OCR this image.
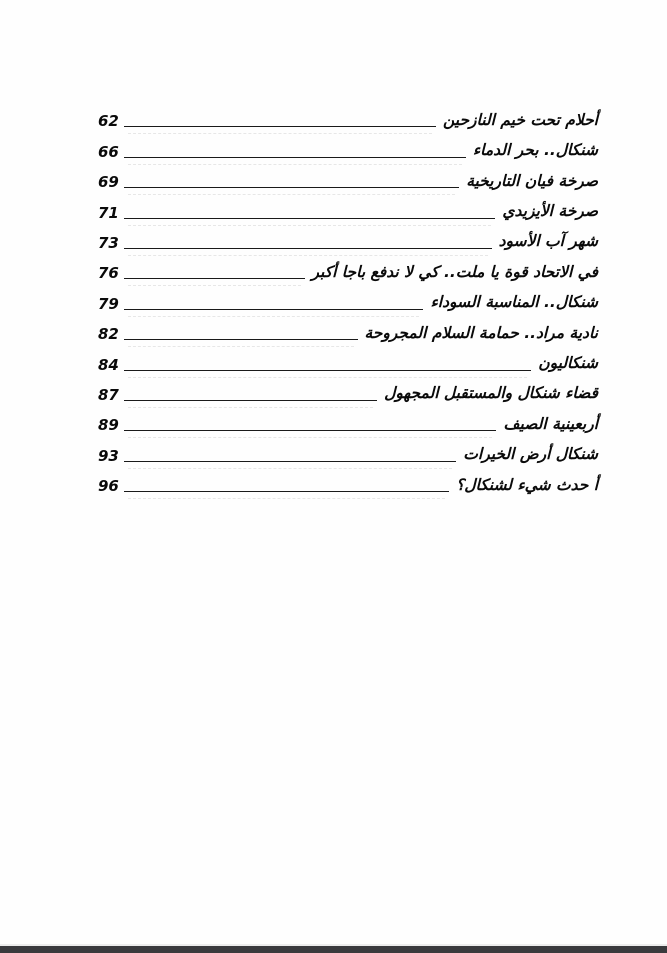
أحلام تحت خيم النازحين
62
شنكال.. بحر الدماء
66
صرخة فيان التاريخية
69
صرخة الأيزيدي
71
شهر آب الأسود
73
في الاتحاد قوة يا ملت.. كي لا ندفع باجا أكبر
76
شنكال.. المناسبة السوداء
79
نادية مراد.. حمامة السلام المجروحة
82
شنكاليون
84
قضاء شنكال والمستقبل المجهول
87
أربعينية الصيف
89
شنكال أرض الخيرات
93
أ حدث شيء لشنكال؟
96
